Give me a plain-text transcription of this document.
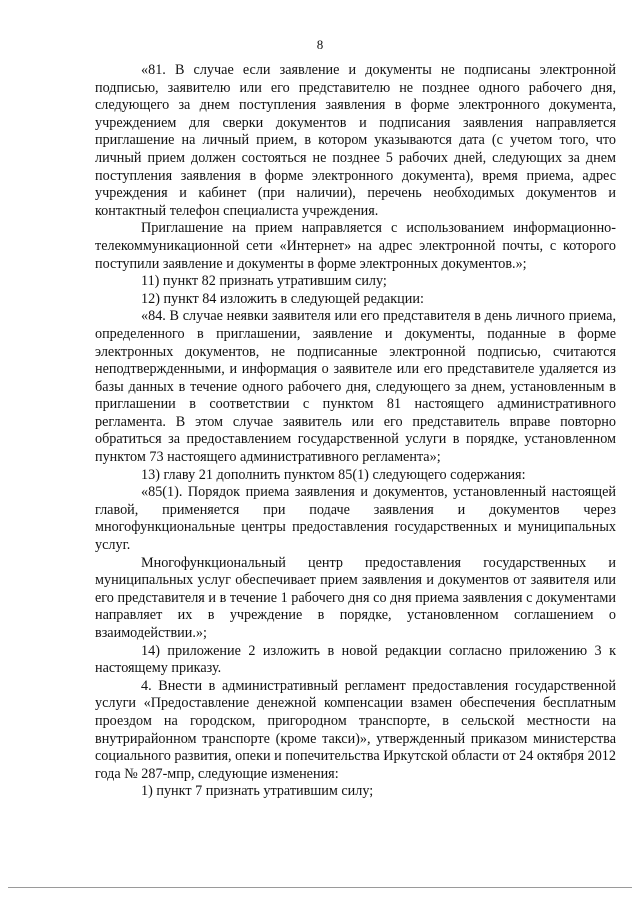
8

«81. В случае если заявление и документы не подписаны электронной подписью, заявителю или его представителю не позднее одного рабочего дня, следующего за днем поступления заявления в форме электронного документа, учреждением для сверки документов и подписания заявления направляется приглашение на личный прием, в котором указываются дата (с учетом того, что личный прием должен состояться не позднее 5 рабочих дней, следующих за днем поступления заявления в форме электронного документа), время приема, адрес учреждения и кабинет (при наличии), перечень необходимых документов и контактный телефон специалиста учреждения.

Приглашение на прием направляется с использованием информационно-телекоммуникационной сети «Интернет» на адрес электронной почты, с которого поступили заявление и документы в форме электронных документов.»;

11) пункт 82 признать утратившим силу;

12) пункт 84 изложить в следующей редакции:

«84. В случае неявки заявителя или его представителя в день личного приема, определенного в приглашении, заявление и документы, поданные в форме электронных документов, не подписанные электронной подписью, считаются неподтвержденными, и информация о заявителе или его представителе удаляется из базы данных в течение одного рабочего дня, следующего за днем, установленным в приглашении в соответствии с пунктом 81 настоящего административного регламента. В этом случае заявитель или его представитель вправе повторно обратиться за предоставлением государственной услуги в порядке, установленном пунктом 73 настоящего административного регламента»;

13) главу 21 дополнить пунктом 85(1) следующего содержания:

«85(1). Порядок приема заявления и документов, установленный настоящей главой, применяется при подаче заявления и документов через многофункциональные центры предоставления государственных и муниципальных услуг.

Многофункциональный центр предоставления государственных и муниципальных услуг обеспечивает прием заявления и документов от заявителя или его представителя и в течение 1 рабочего дня со дня приема заявления с документами направляет их в учреждение в порядке, установленном соглашением о взаимодействии.»;

14) приложение 2 изложить в новой редакции согласно приложению 3 к настоящему приказу.

4. Внести в административный регламент предоставления государственной услуги «Предоставление денежной компенсации взамен обеспечения бесплатным проездом на городском, пригородном транспорте, в сельской местности на внутрирайонном транспорте (кроме такси)», утвержденный приказом министерства социального развития, опеки и попечительства Иркутской области от 24 октября 2012 года № 287-мпр, следующие изменения:

1) пункт 7 признать утратившим силу;
